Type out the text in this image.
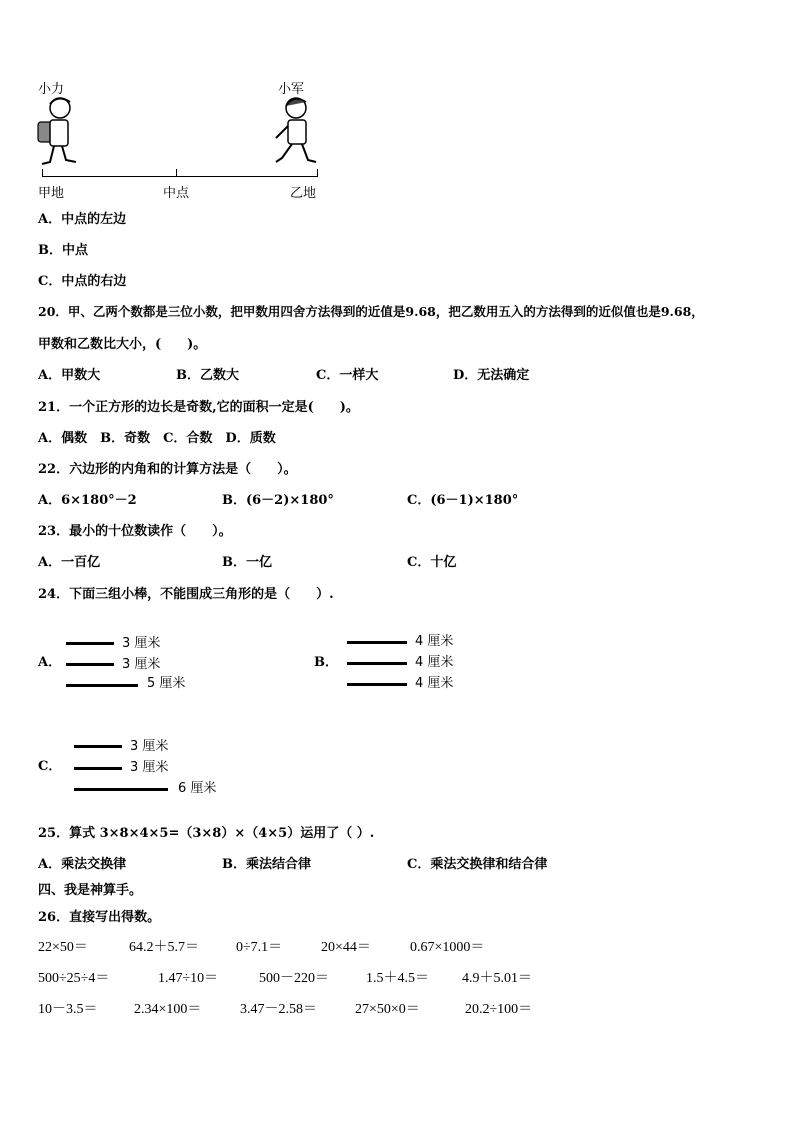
小力	小军
甲地	中点	乙地
A．中点的左边
B．中点
C．中点的右边
20．甲、乙两个数都是三位小数，把甲数用四舍方法得到的近值是9.68，把乙数用五入的方法得到的近似值也是9.68，
甲数和乙数比大小，(　　)。
A．甲数大	B．乙数大	C．一样大	D．无法确定
21．一个正方形的边长是奇数,它的面积一定是(　　)。
A．偶数　B．奇数　C．合数　D．质数
22．六边形的内角和的计算方法是（　　）。
A．6×180°－2	B．(6－2)×180°	C．(6－1)×180°
23．最小的十位数读作（　　）。
A．一百亿	B．一亿	C．十亿
24．下面三组小棒，不能围成三角形的是（　　）.
A．
3 厘米
3 厘米
5 厘米
B．
4 厘米
4 厘米
4 厘米
C．
3 厘米
3 厘米
6 厘米
25．算式 3×8×4×5=（3×8）×（4×5）运用了（ ）.
A．乘法交换律	B．乘法结合律	C．乘法交换律和结合律
四、我是神算手。
26．直接写出得数。
22×50＝	64.2＋5.7＝	0÷7.1＝	20×44＝	0.67×1000＝
500÷25÷4＝	1.47÷10＝	500－220＝	1.5＋4.5＝ 4.9＋5.01＝
10－3.5＝	2.34×100＝	3.47－2.58＝	27×50×0＝	20.2÷100＝
